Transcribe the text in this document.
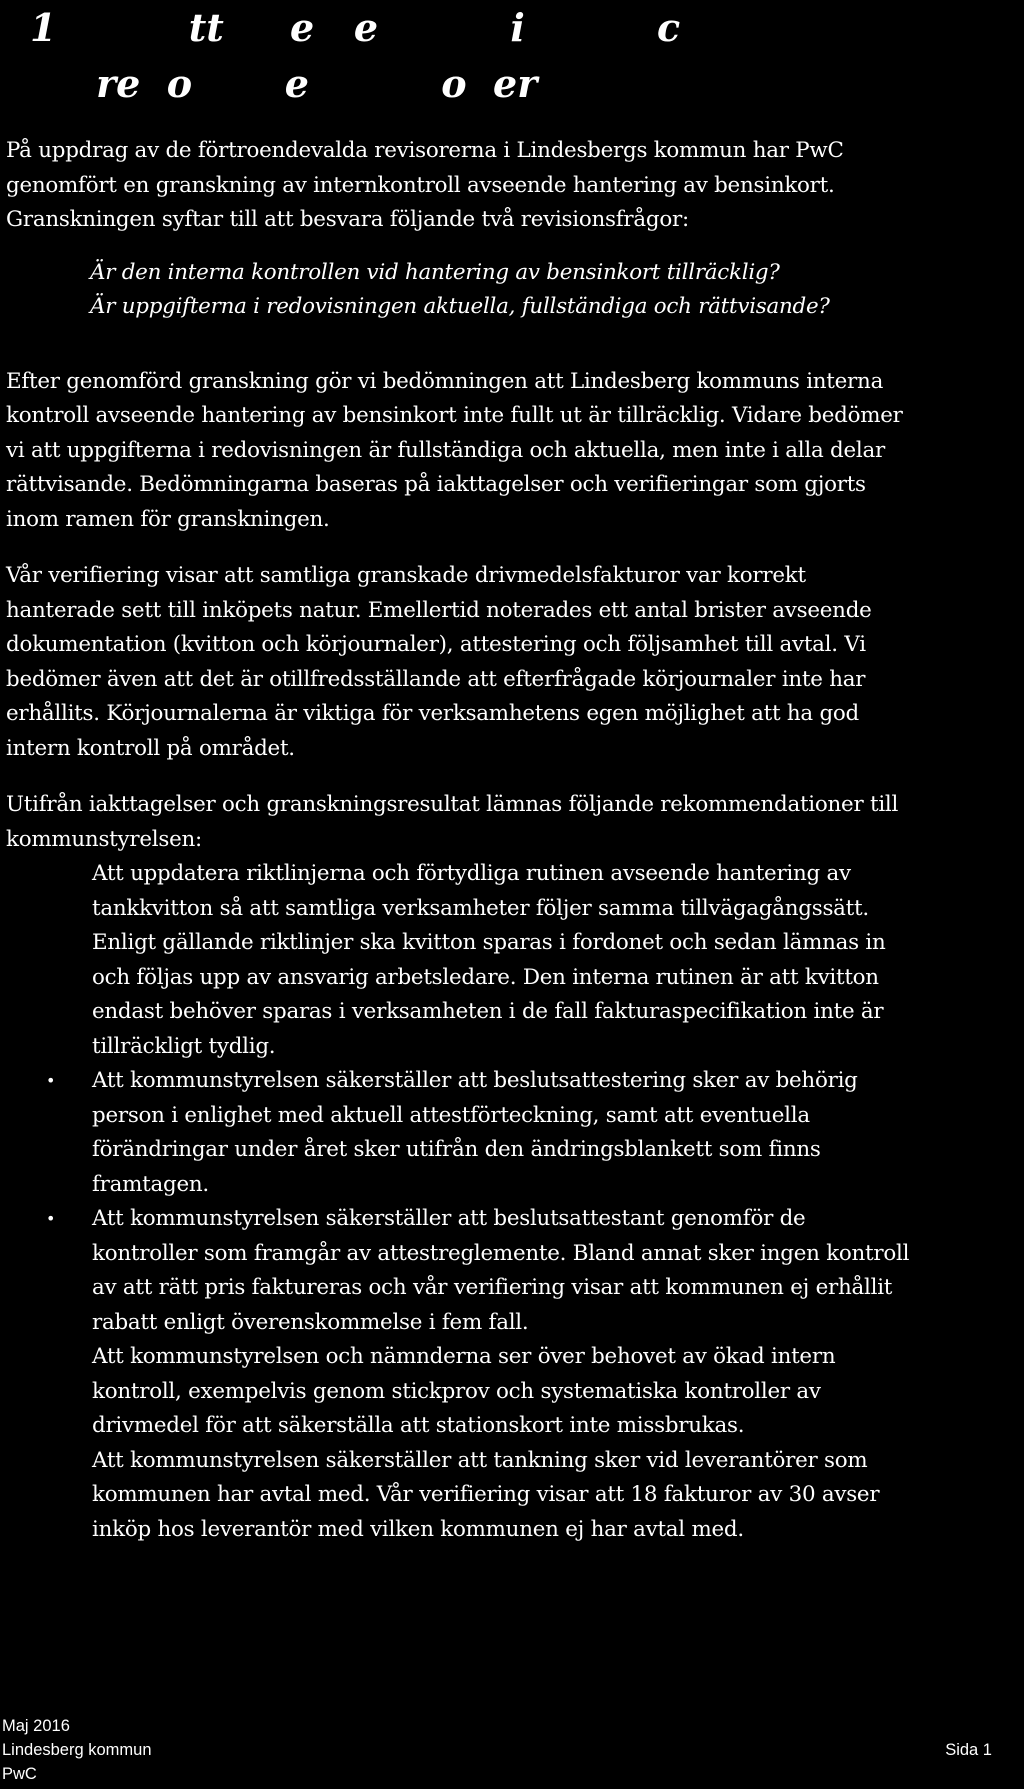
1          tt     e   e          i          c
re  o       e          o  er
På uppdrag av de förtroendevalda revisorerna i Lindesbergs kommun har PwC
genomfört en granskning av internkontroll avseende hantering av bensinkort.
Granskningen syftar till att besvara följande två revisionsfrågor:
Är den interna kontrollen vid hantering av bensinkort tillräcklig?
Är uppgifterna i redovisningen aktuella, fullständiga och rättvisande?
Efter genomförd granskning gör vi bedömningen att Lindesberg kommuns interna
kontroll avseende hantering av bensinkort inte fullt ut är tillräcklig. Vidare bedömer
vi att uppgifterna i redovisningen är fullständiga och aktuella, men inte i alla delar
rättvisande. Bedömningarna baseras på iakttagelser och verifieringar som gjorts
inom ramen för granskningen.
Vår verifiering visar att samtliga granskade drivmedelsfakturor var korrekt
hanterade sett till inköpets natur. Emellertid noterades ett antal brister avseende
dokumentation (kvitton och körjournaler), attestering och följsamhet till avtal. Vi
bedömer även att det är otillfredsställande att efterfrågade körjournaler inte har
erhållits. Körjournalerna är viktiga för verksamhetens egen möjlighet att ha god
intern kontroll på området.
Utifrån iakttagelser och granskningsresultat lämnas följande rekommendationer till
kommunstyrelsen:
Att uppdatera riktlinjerna och förtydliga rutinen avseende hantering av
tankkvitton så att samtliga verksamheter följer samma tillvägagångssätt.
Enligt gällande riktlinjer ska kvitton sparas i fordonet och sedan lämnas in
och följas upp av ansvarig arbetsledare. Den interna rutinen är att kvitton
endast behöver sparas i verksamheten i de fall fakturaspecifikation inte är
tillräckligt tydlig.
• Att kommunstyrelsen säkerställer att beslutsattestering sker av behörig
person i enlighet med aktuell attestförteckning, samt att eventuella
förändringar under året sker utifrån den ändringsblankett som finns
framtagen.
• Att kommunstyrelsen säkerställer att beslutsattestant genomför de
kontroller som framgår av attestreglemente. Bland annat sker ingen kontroll
av att rätt pris faktureras och vår verifiering visar att kommunen ej erhållit
rabatt enligt överenskommelse i fem fall.
Att kommunstyrelsen och nämnderna ser över behovet av ökad intern
kontroll, exempelvis genom stickprov och systematiska kontroller av
drivmedel för att säkerställa att stationskort inte missbrukas.
Att kommunstyrelsen säkerställer att tankning sker vid leverantörer som
kommunen har avtal med. Vår verifiering visar att 18 fakturor av 30 avser
inköp hos leverantör med vilken kommunen ej har avtal med.
Maj 2016
Lindesberg kommun
PwC
Sida 1
